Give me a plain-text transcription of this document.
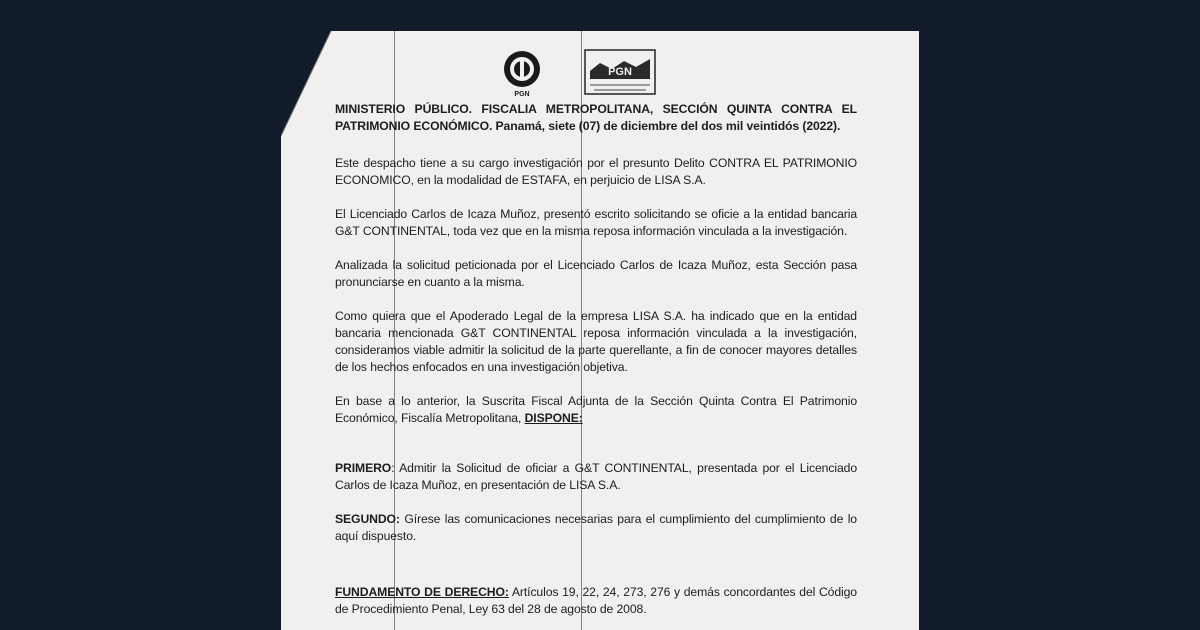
PGN
PGN

MINISTERIO PÚBLICO. FISCALIA METROPOLITANA, SECCIÓN QUINTA CONTRA EL PATRIMONIO ECONÓMICO. Panamá, siete (07) de diciembre del dos mil veintidós (2022).

Este despacho tiene a su cargo investigación por el presunto Delito CONTRA EL PATRIMONIO ECONOMICO, en la modalidad de ESTAFA, en perjuicio de LISA S.A.

El Licenciado Carlos de Icaza Muñoz, presentó escrito solicitando se oficie a la entidad bancaria G&T CONTINENTAL, toda vez que en la misma reposa información vinculada a la investigación.

Analizada la solicitud peticionada por el Licenciado Carlos de Icaza Muñoz, esta Sección pasa pronunciarse en cuanto a la misma.

Como quiera que el Apoderado Legal de la empresa LISA S.A. ha indicado que en la entidad bancaria mencionada G&T CONTINENTAL reposa información vinculada a la investigación, consideramos viable admitir la solicitud de la parte querellante, a fin de conocer mayores detalles de los hechos enfocados en una investigación objetiva.

En base a lo anterior, la Suscrita Fiscal Adjunta de la Sección Quinta Contra El Patrimonio Económico, Fiscalía Metropolitana, DISPONE:

PRIMERO: Admitir la Solicitud de oficiar a G&T CONTINENTAL, presentada por el Licenciado Carlos de Icaza Muñoz, en presentación de LISA S.A.

SEGUNDO: Gírese las comunicaciones necesarias para el cumplimiento del cumplimiento de lo aquí dispuesto.

FUNDAMENTO DE DERECHO: Artículos 19, 22, 24, 273, 276 y demás concordantes del Código de Procedimiento Penal, Ley 63 del 28 de agosto de 2008.
